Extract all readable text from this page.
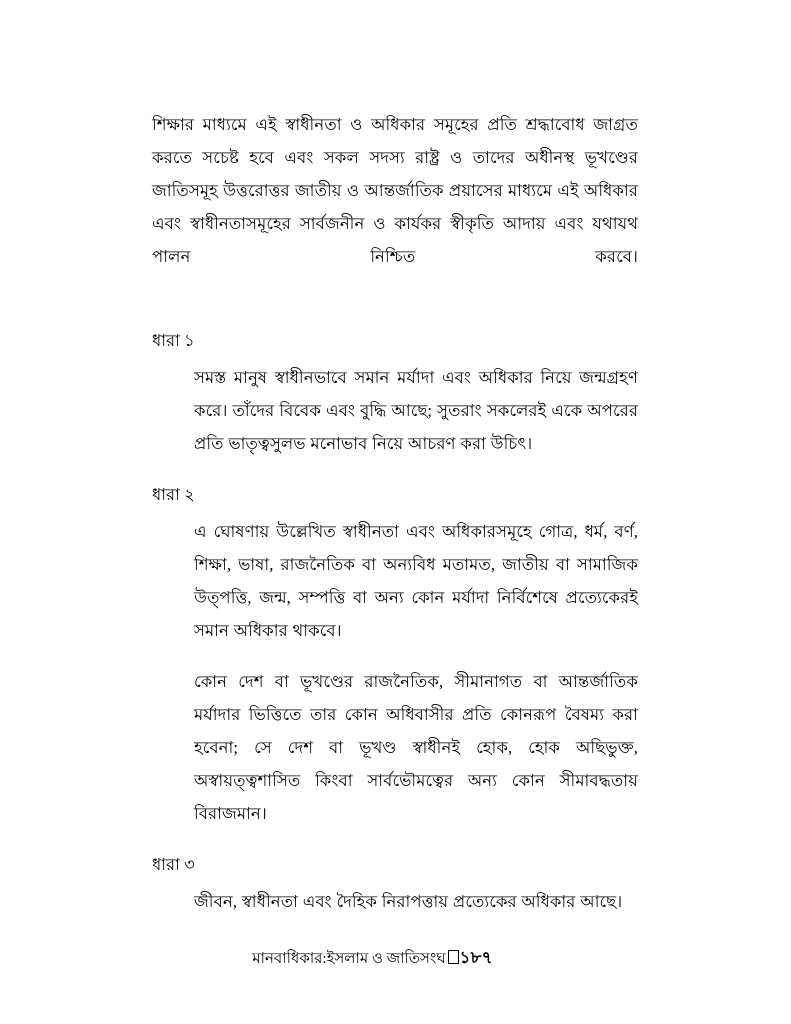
শিক্ষার মাধ্যমে এই স্বাধীনতা ও অধিকার সমূহের প্রতি শ্রদ্ধাবোধ জাগ্রত করতে সচেষ্ট হবে এবং সকল সদস্য রাষ্ট্র ও তাদের অধীনস্থ ভূখণ্ডের জাতিসমূহ উত্তরোত্তর জাতীয় ও আন্তর্জাতিক প্রয়াসের মাধ্যমে এই অধিকার এবং স্বাধীনতাসমূহের সার্বজনীন ও কার্যকর স্বীকৃতি আদায় এবং যথাযথ পালন নিশ্চিত করবে।

ধারা ১

সমস্ত মানুষ স্বাধীনভাবে সমান মর্যাদা এবং অধিকার নিয়ে জন্মগ্রহণ করে। তাঁদের বিবেক এবং বুদ্ধি আছে; সুতরাং সকলেরই একে অপরের প্রতি ভাতৃত্বসুলভ মনোভাব নিয়ে আচরণ করা উচিৎ।

ধারা ২

এ ঘোষণায় উল্লেখিত স্বাধীনতা এবং অধিকারসমূহে গোত্র, ধর্ম, বর্ণ, শিক্ষা, ভাষা, রাজনৈতিক বা অন্যবিধ মতামত, জাতীয় বা সামাজিক উত্পত্তি, জন্ম, সম্পত্তি বা অন্য কোন মর্যাদা নির্বিশেষে প্রত্যেকেরই সমান অধিকার থাকবে।

কোন দেশ বা ভূখণ্ডের রাজনৈতিক, সীমানাগত বা আন্তর্জাতিক মর্যাদার ভিত্তিতে তার কোন অধিবাসীর প্রতি কোনরূপ বৈষম্য করা হবেনা; সে দেশ বা ভূখণ্ড স্বাধীনই হোক, হোক অছিভুক্ত, অস্বায়ত্ত্বশাসিত কিংবা সার্বভৌমত্বের অন্য কোন সীমাবদ্ধতায় বিরাজমান।

ধারা ৩

জীবন, স্বাধীনতা এবং দৈহিক নিরাপত্তায় প্রত্যেকের অধিকার আছে।

মানবাধিকার:ইসলাম ও জাতিসংঘ ১৮৭
